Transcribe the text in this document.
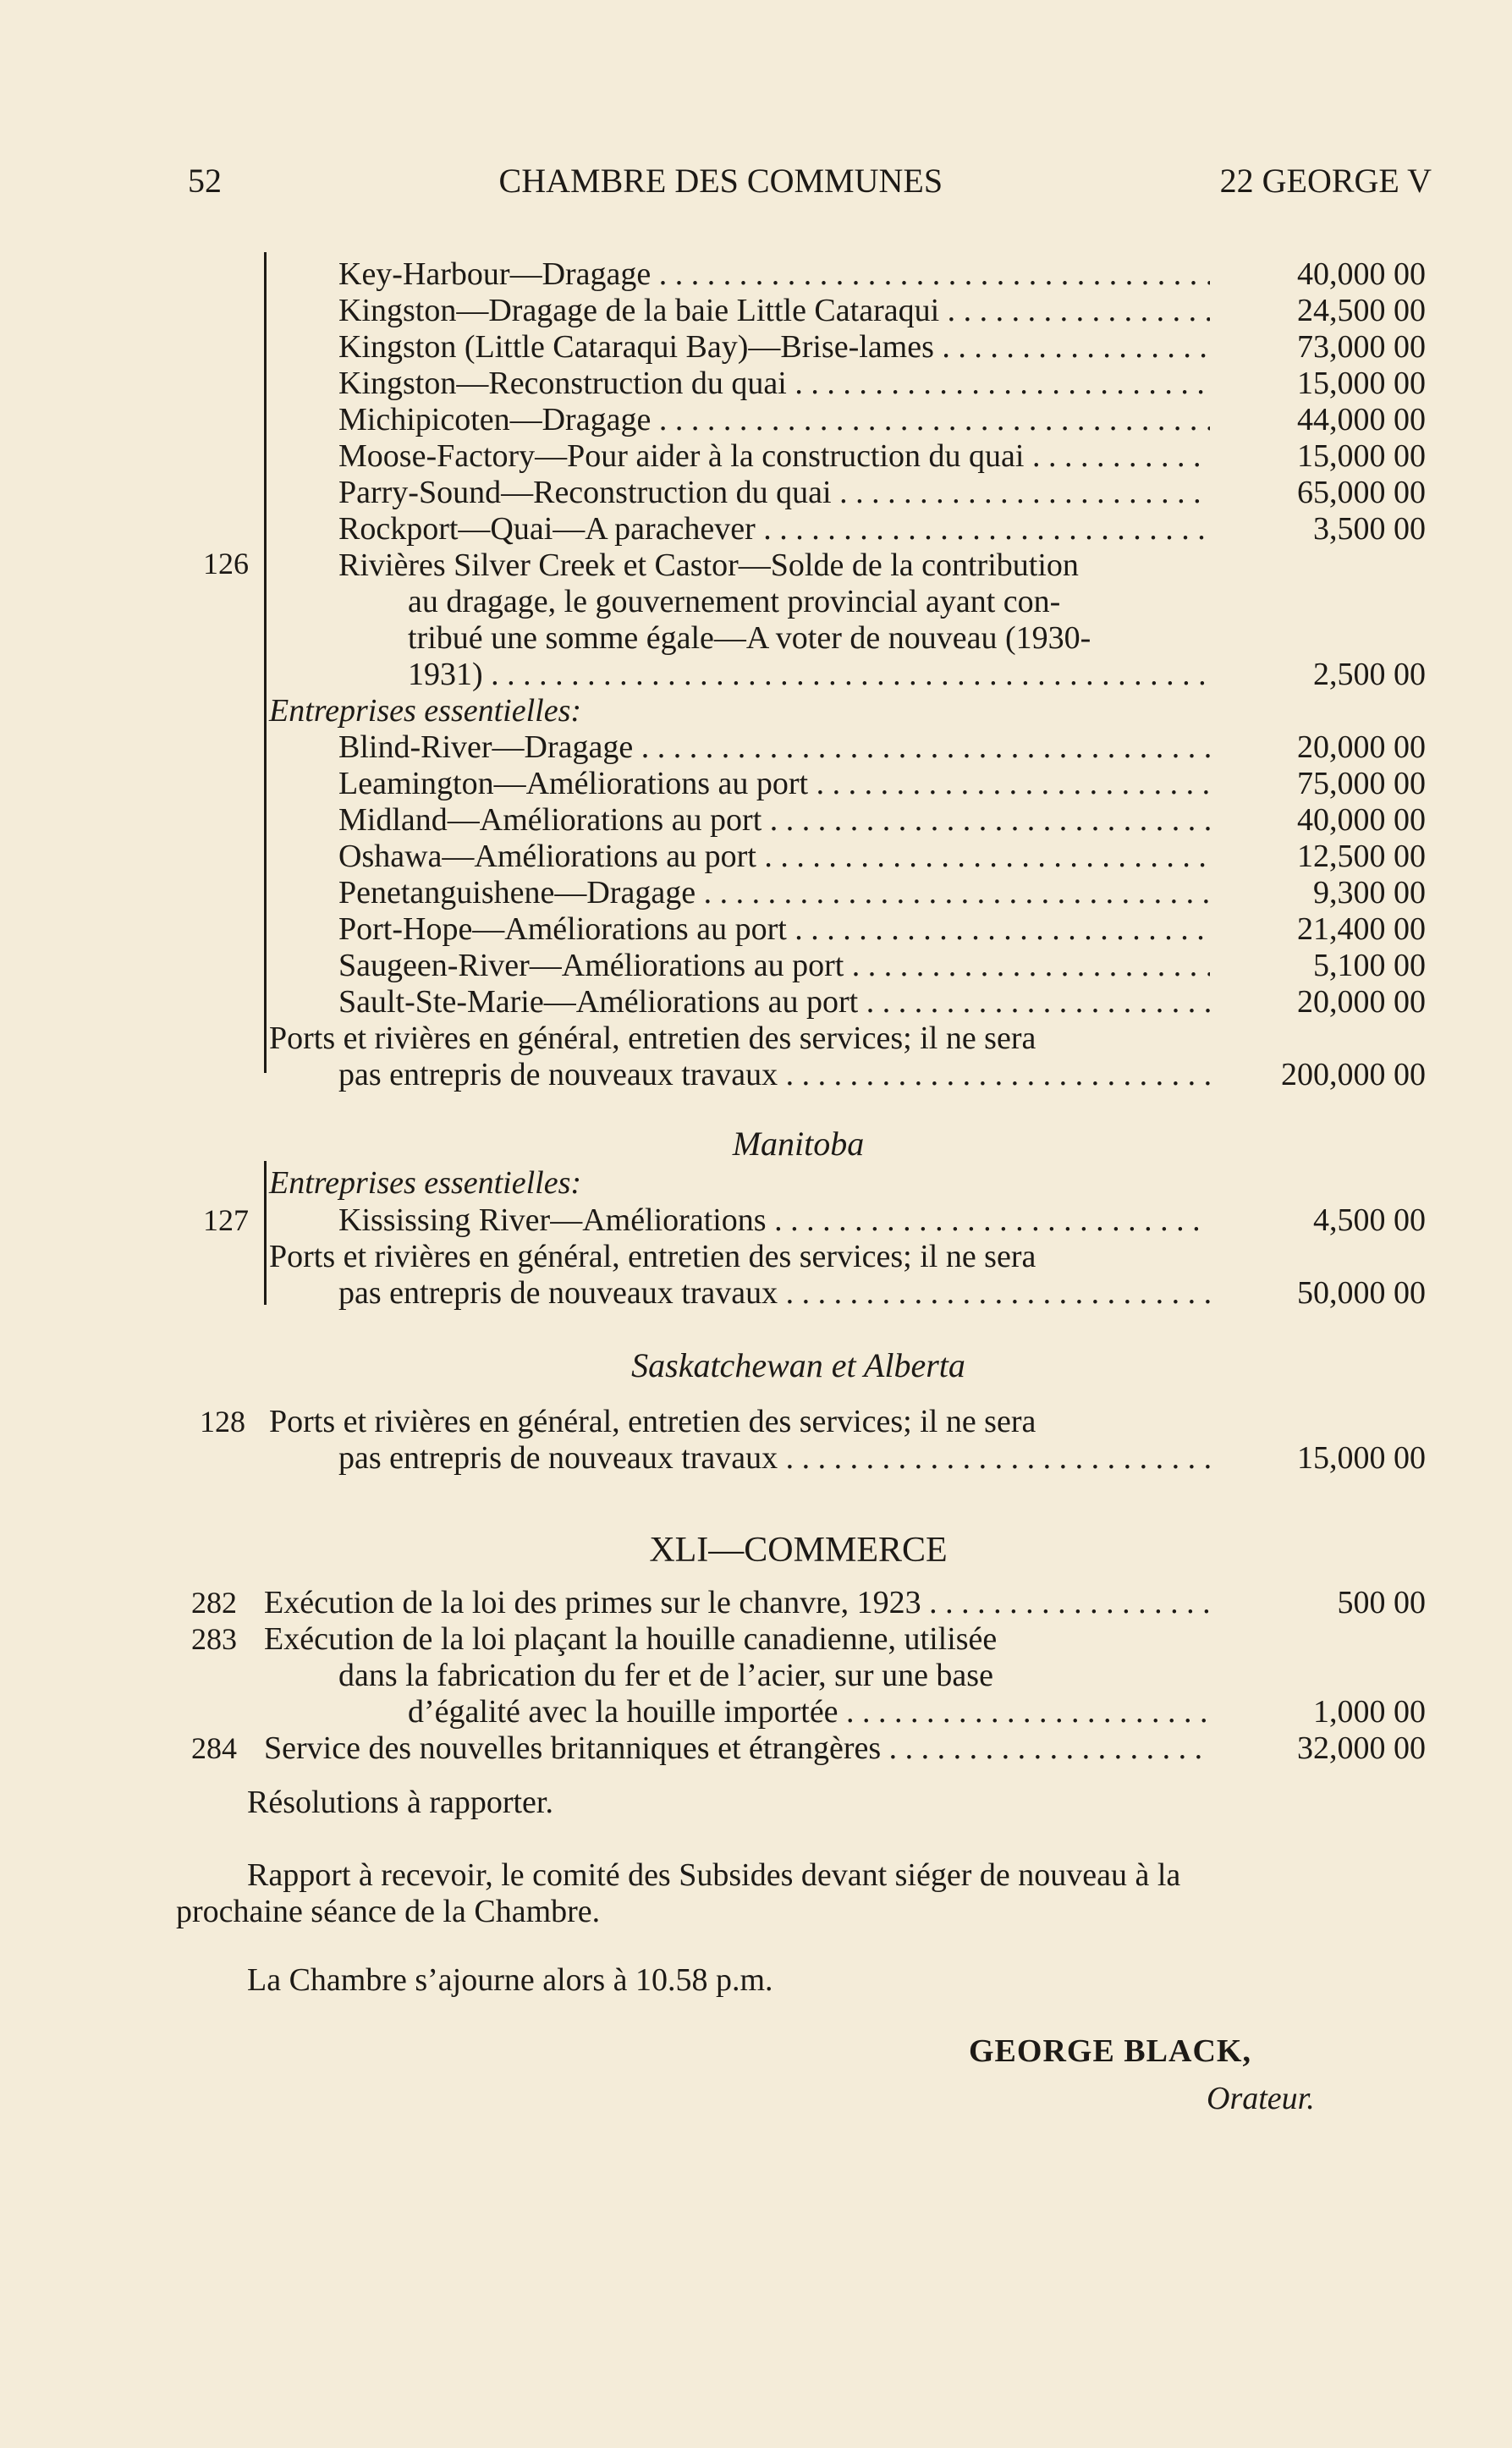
52	CHAMBRE DES COMMUNES	22 GEORGE V
126
Key-Harbour—Dragage . . .	40,000 00
Kingston—Dragage de la baie Little Cataraqui . . .	24,500 00
Kingston (Little Cataraqui Bay)—Brise-lames . . .	73,000 00
Kingston—Reconstruction du quai . . .	15,000 00
Michipicoten—Dragage . . .	44,000 00
Moose-Factory—Pour aider à la construction du quai . . .	15,000 00
Parry-Sound—Reconstruction du quai . . .	65,000 00
Rockport—Quai—A parachever . . .	3,500 00
Rivières Silver Creek et Castor—Solde de la contribution
au dragage, le gouvernement provincial ayant con-
tribué une somme égale—A voter de nouveau (1930-
1931) . . .	2,500 00
Entreprises essentielles:
Blind-River—Dragage . . .	20,000 00
Leamington—Améliorations au port . . .	75,000 00
Midland—Améliorations au port . . .	40,000 00
Oshawa—Améliorations au port . . .	12,500 00
Penetanguishene—Dragage . . .	9,300 00
Port-Hope—Améliorations au port . . .	21,400 00
Saugeen-River—Améliorations au port . . .	5,100 00
Sault-Ste-Marie—Améliorations au port . . .	20,000 00
Ports et rivières en général, entretien des services; il ne sera
pas entrepris de nouveaux travaux . . .	200,000 00
Manitoba
127
Entreprises essentielles:
Kississing River—Améliorations . . .	4,500 00
Ports et rivières en général, entretien des services; il ne sera
pas entrepris de nouveaux travaux . . .	50,000 00
Saskatchewan et Alberta
128 Ports et rivières en général, entretien des services; il ne sera
pas entrepris de nouveaux travaux . . .	15,000 00
XLI—COMMERCE
282 Exécution de la loi des primes sur le chanvre, 1923 . . .	500 00
283 Exécution de la loi plaçant la houille canadienne, utilisée
dans la fabrication du fer et de l’acier, sur une base
d’égalité avec la houille importée . . .	1,000 00
284 Service des nouvelles britanniques et étrangères . . .	32,000 00
Résolutions à rapporter.
Rapport à recevoir, le comité des Subsides devant siéger de nouveau à la
prochaine séance de la Chambre.
La Chambre s’ajourne alors à 10.58 p.m.
GEORGE BLACK,
Orateur.
